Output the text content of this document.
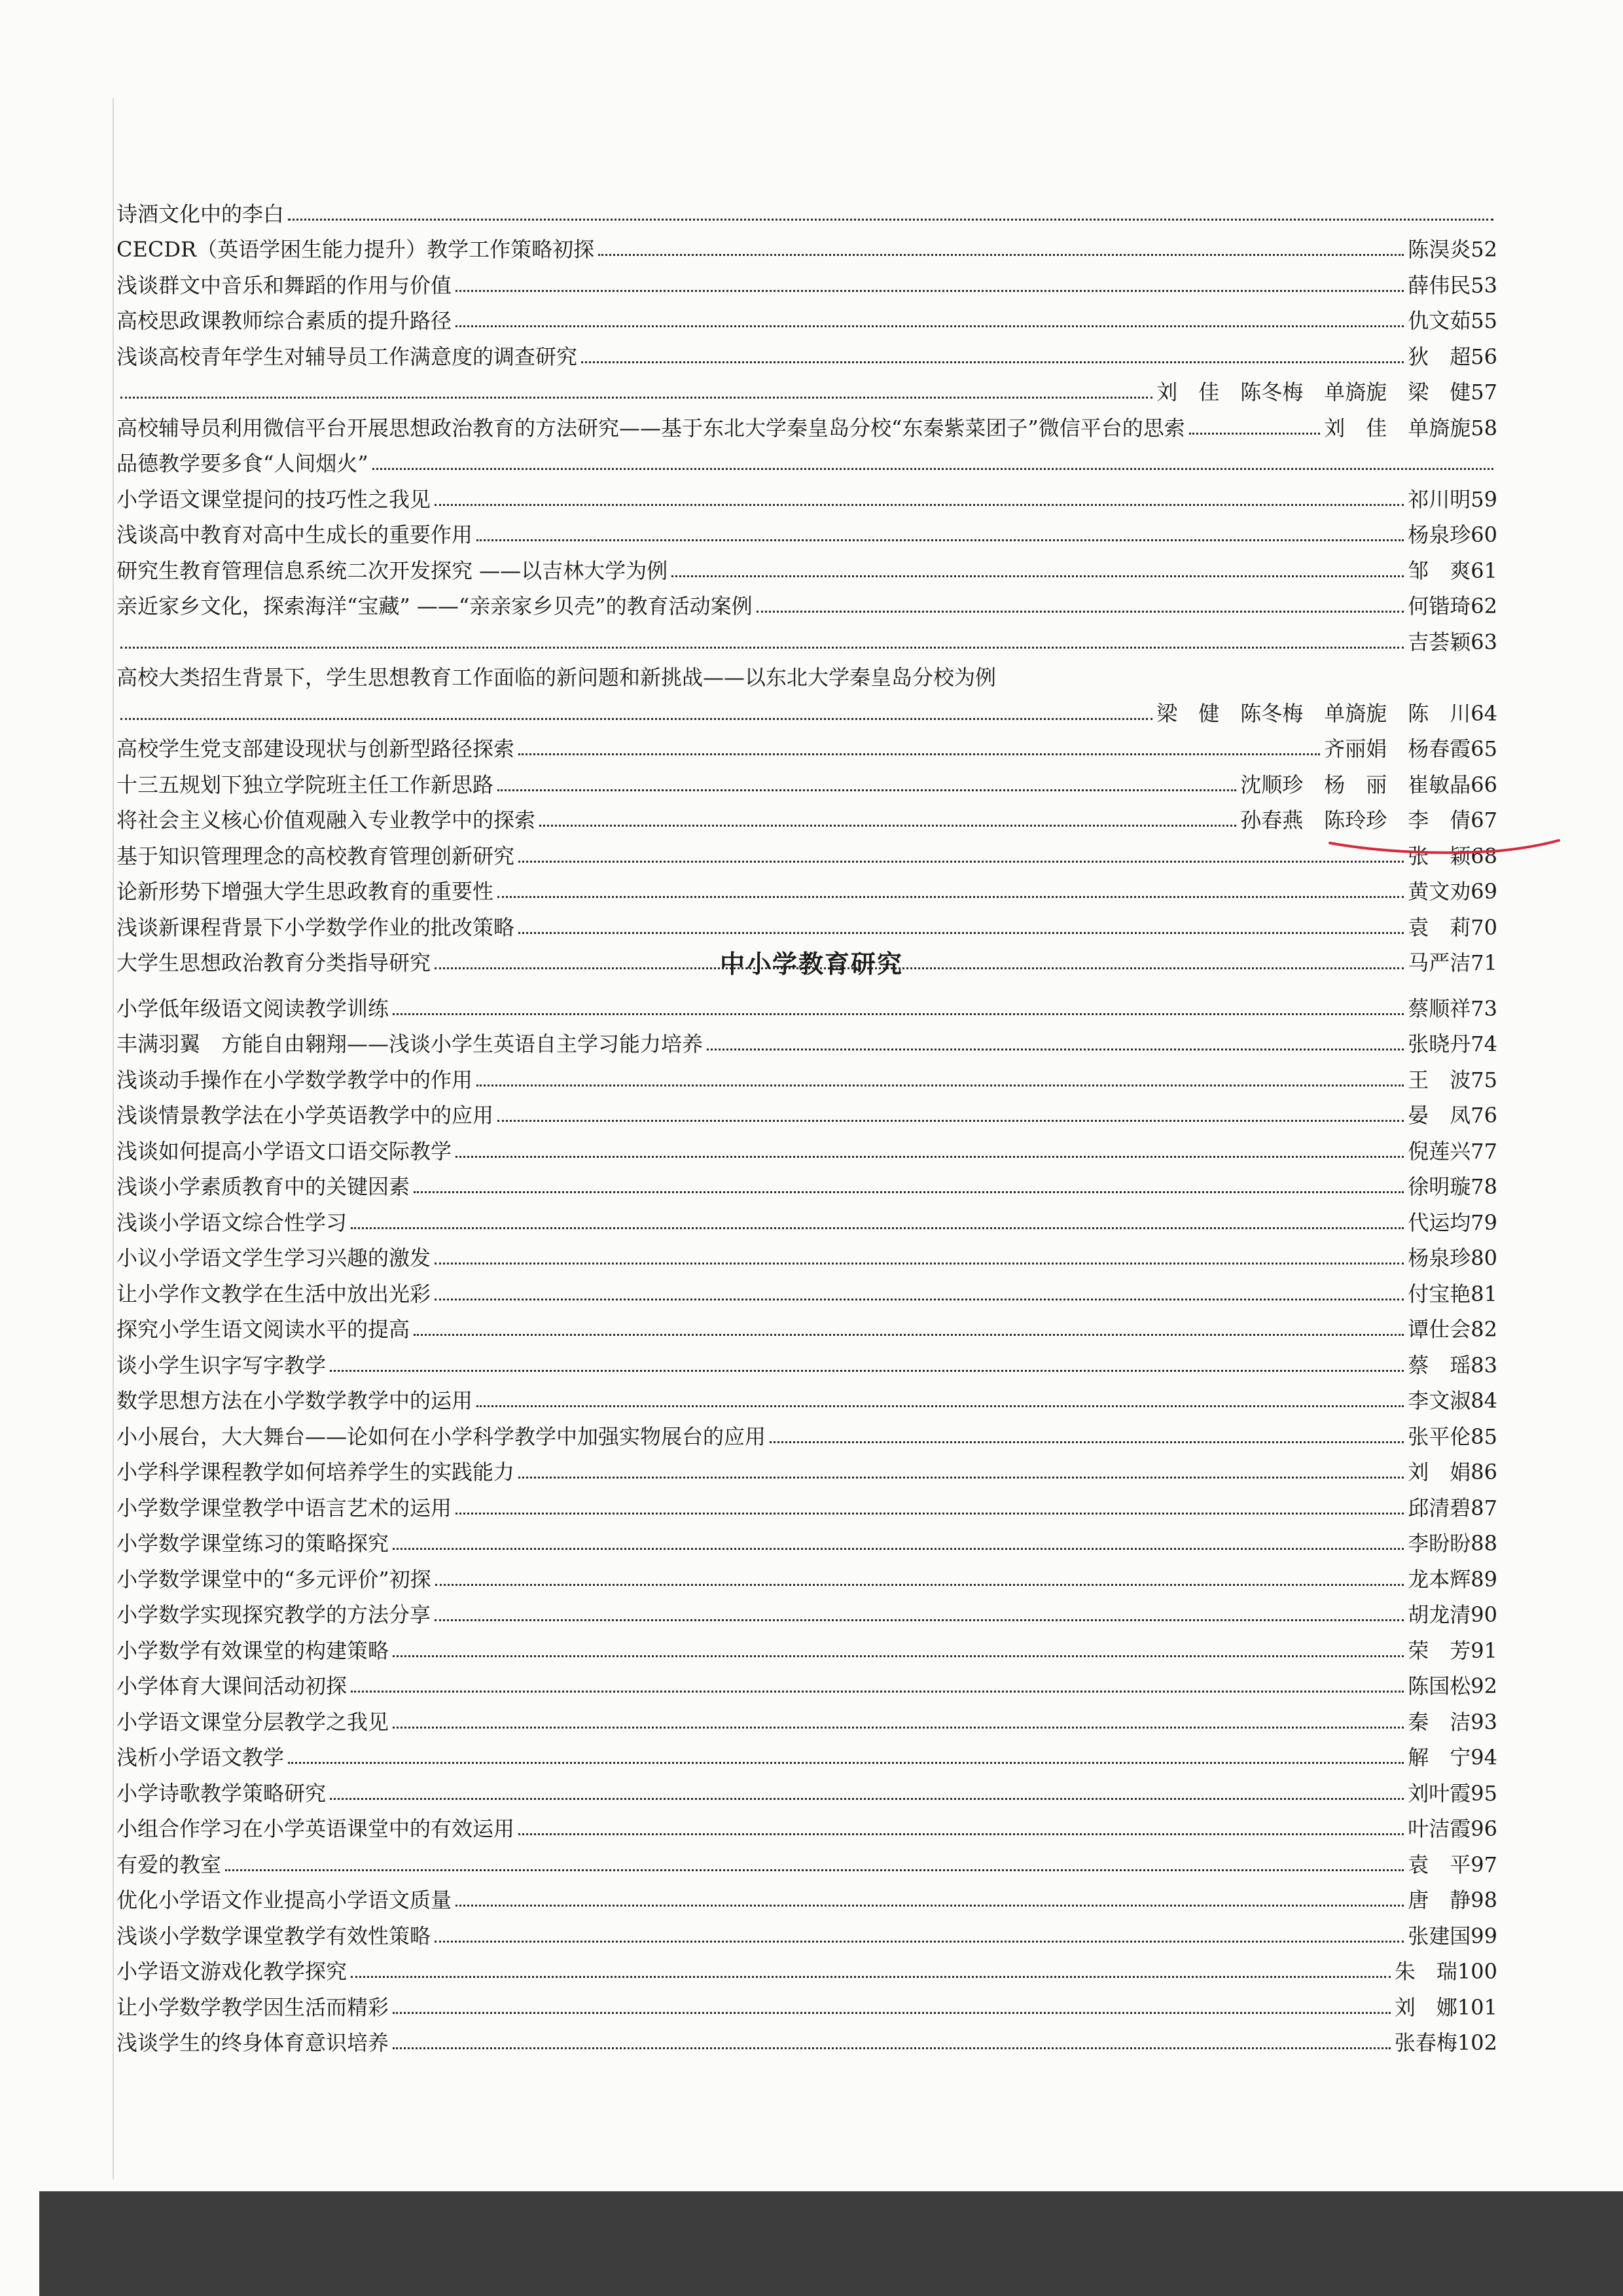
诗酒文化中的李白
CECDR（英语学困生能力提升）教学工作策略初探	陈淏炎52
浅谈群文中音乐和舞蹈的作用与价值	薛伟民53
高校思政课教师综合素质的提升路径	仇文茹55
浅谈高校青年学生对辅导员工作满意度的调查研究	狄　超56
刘　佳　陈冬梅　单旖旎　梁　健57
高校辅导员利用微信平台开展思想政治教育的方法研究——基于东北大学秦皇岛分校“东秦紫菜团子”微信平台的思索	刘　佳　单旖旎58
品德教学要多食“人间烟火”
小学语文课堂提问的技巧性之我见	祁川明59
浅谈高中教育对高中生成长的重要作用	杨泉珍60
研究生教育管理信息系统二次开发探究 ——以吉林大学为例	邹　爽61
亲近家乡文化，探索海洋“宝藏” ——“亲亲家乡贝壳”的教育活动案例	何锴琦62
吉荟颖63
高校大类招生背景下，学生思想教育工作面临的新问题和新挑战——以东北大学秦皇岛分校为例
梁　健　陈冬梅　单旖旎　陈　川64
高校学生党支部建设现状与创新型路径探索	齐丽娟　杨春霞65
十三五规划下独立学院班主任工作新思路	沈顺珍　杨　丽　崔敏晶66
将社会主义核心价值观融入专业教学中的探索	孙春燕　陈玲珍　李　倩67
基于知识管理理念的高校教育管理创新研究	张　颖68
论新形势下增强大学生思政教育的重要性	黄文劝69
浅谈新课程背景下小学数学作业的批改策略	袁　莉70
大学生思想政治教育分类指导研究	马严洁71
中小学教育研究
小学低年级语文阅读教学训练	蔡顺祥73
丰满羽翼　方能自由翱翔——浅谈小学生英语自主学习能力培养	张晓丹74
浅谈动手操作在小学数学教学中的作用	王　波75
浅谈情景教学法在小学英语教学中的应用	晏　凤76
浅谈如何提高小学语文口语交际教学	倪莲兴77
浅谈小学素质教育中的关键因素	徐明璇78
浅谈小学语文综合性学习	代运均79
小议小学语文学生学习兴趣的激发	杨泉珍80
让小学作文教学在生活中放出光彩	付宝艳81
探究小学生语文阅读水平的提高	谭仕会82
谈小学生识字写字教学	蔡　瑶83
数学思想方法在小学数学教学中的运用	李文淑84
小小展台，大大舞台——论如何在小学科学教学中加强实物展台的应用	张平伦85
小学科学课程教学如何培养学生的实践能力	刘　娟86
小学数学课堂教学中语言艺术的运用	邱清碧87
小学数学课堂练习的策略探究	李盼盼88
小学数学课堂中的“多元评价”初探	龙本辉89
小学数学实现探究教学的方法分享	胡龙清90
小学数学有效课堂的构建策略	荣　芳91
小学体育大课间活动初探	陈国松92
小学语文课堂分层教学之我见	秦　洁93
浅析小学语文教学	解　宁94
小学诗歌教学策略研究	刘叶霞95
小组合作学习在小学英语课堂中的有效运用	叶洁霞96
有爱的教室	袁　平97
优化小学语文作业提高小学语文质量	唐　静98
浅谈小学数学课堂教学有效性策略	张建国99
小学语文游戏化教学探究	朱　瑞100
让小学数学教学因生活而精彩	刘　娜101
浅谈学生的终身体育意识培养	张春梅102
